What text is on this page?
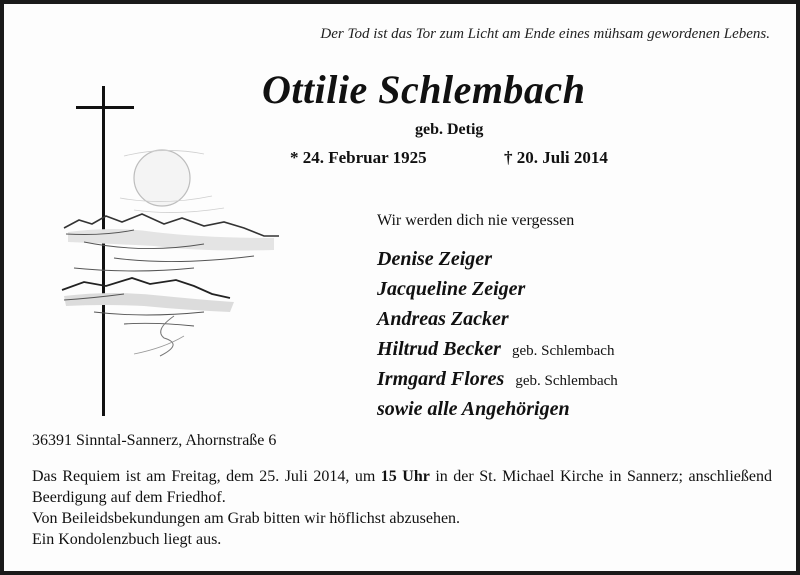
Der Tod ist das Tor zum Licht am Ende eines mühsam gewordenen Lebens.
Ottilie Schlembach
geb. Detig
* 24. Februar 1925	† 20. Juli 2014
Wir werden dich nie vergessen
Denise Zeiger
Jacqueline Zeiger
Andreas Zacker
Hiltrud Becker geb. Schlembach
Irmgard Flores geb. Schlembach
sowie alle Angehörigen
36391 Sinntal-Sannerz, Ahornstraße 6

Das Requiem ist am Freitag, dem 25. Juli 2014, um 15 Uhr in der St. Michael Kirche in Sannerz; anschließend Beerdigung auf dem Friedhof.

Von Beileidsbekundungen am Grab bitten wir höflichst abzusehen.

Ein Kondolenzbuch liegt aus.
